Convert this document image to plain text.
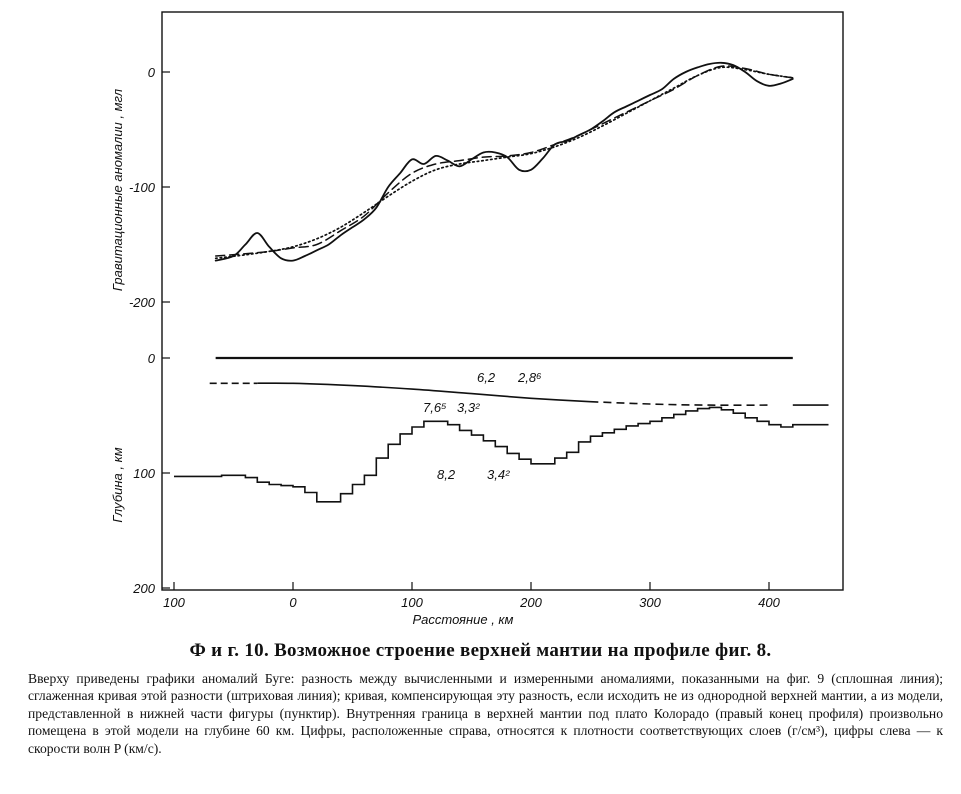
0
-100
-200
0
100
200
100	0	100	200	300	400
Гравитационные аномалии , мгл
Глубина , км
Расстояние , км
6,2 2,8⁶
7,6⁵ 3,3²
8,2 3,4²
Ф и г. 10. Возможное строение верхней мантии на профиле фиг. 8.
Вверху приведены графики аномалий Буге: разность между вычисленными и измеренными аномалиями, показанными на фиг. 9 (сплошная линия); сглаженная кривая этой разности (штриховая линия); кривая, компенсирующая эту разность, если исходить не из однородной верхней мантии, а из модели, представленной в нижней части фигуры (пунктир). Внутренняя граница в верхней мантии под плато Колорадо (правый конец профиля) произвольно помещена в этой модели на глубине 60 км. Цифры, расположенные справа, относятся к плотности соответствующих слоев (г/см³), цифры слева — к скорости волн P (км/с).
